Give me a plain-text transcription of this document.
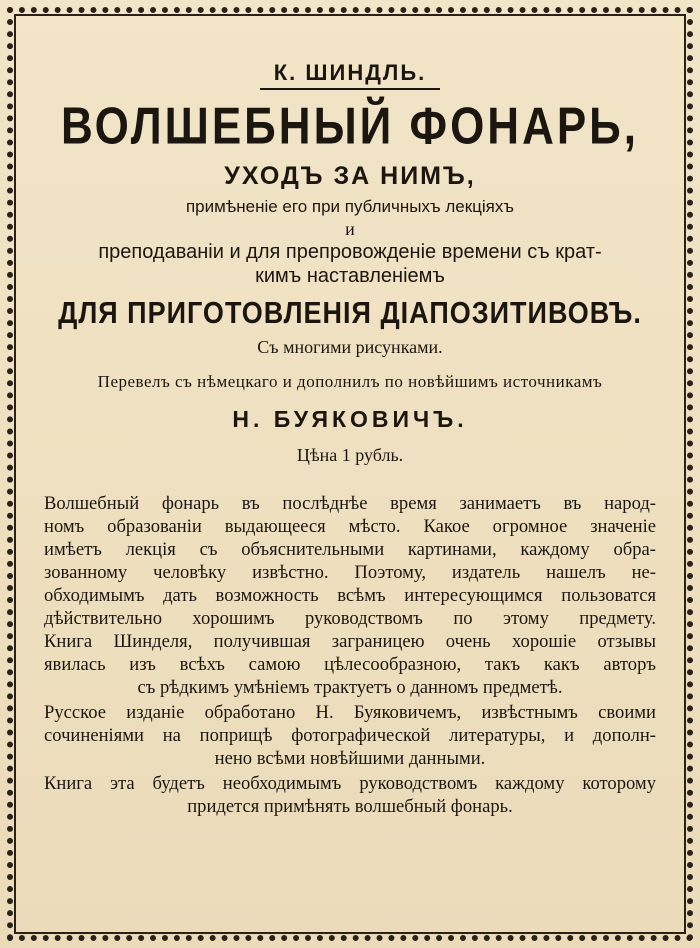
К. ШИНДЛЬ.
ВОЛШЕБНЫЙ ФОНАРЬ,
УХОДЪ ЗА НИМЪ,
примѣненіе его при публичныхъ лекціяхъ
и
преподаваніи и для препровожденіе времени съ крат-
кимъ наставленіемъ
ДЛЯ ПРИГОТОВЛЕНІЯ ДІАПОЗИТИВОВЪ.
Съ многими рисунками.
Перевелъ съ нѣмецкаго и дополнилъ по новѣйшимъ источникамъ
Н. БУЯКОВИЧЪ.
Цѣна 1 рубль.

Волшебный фонарь въ послѣднѣе время занимаетъ въ народ-
номъ образованіи выдающееся мѣсто. Какое огромное значеніе
имѣетъ лекція съ объяснительными картинами, каждому обра-
зованному человѣку извѣстно. Поэтому, издатель нашелъ не-
обходимымъ дать возможность всѣмъ интересующимся пользоватся
дѣйствительно хорошимъ руководствомъ по этому предмету.
Книга Шинделя, получившая заграницею очень хорошіе отзывы
явилась изъ всѣхъ самою цѣлесообразною, такъ какъ авторъ
съ рѣдкимъ умѣніемъ трактуетъ о данномъ предметѣ.

Русское изданіе обработано Н. Буяковичемъ, извѣстнымъ своими
сочиненіями на поприщѣ фотографической литературы, и дополн-
нено всѣми новѣйшими данными.

Книга эта будетъ необходимымъ руководствомъ каждому которому
придется примѣнять волшебный фонарь.
